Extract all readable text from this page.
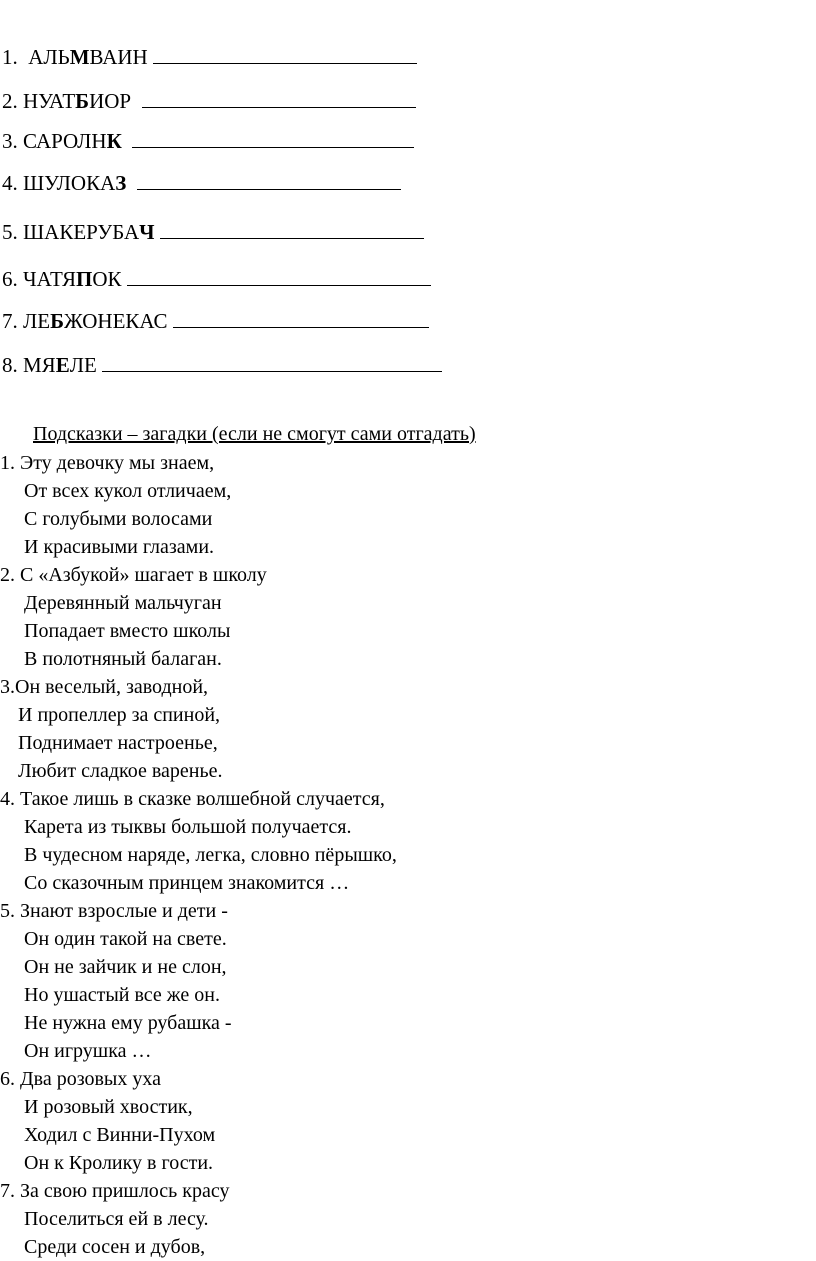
1. АЛЬМВАИН
2. НУАТБИОР
3. САРОЛНК
4. ШУЛОКАЗ
5. ШАКЕРУБАЧ
6. ЧАТЯПОК
7. ЛЕБЖОНЕКАС
8. МЯЕЛЕ
Подсказки – загадки (если не смогут сами отгадать)
1. Эту девочку мы знаем,
От всех кукол отличаем,
С голубыми волосами
И красивыми глазами.
2. С «Азбукой» шагает в школу
Деревянный мальчуган
Попадает вместо школы
В полотняный балаган.
3.Он веселый, заводной,
И пропеллер за спиной,
Поднимает настроенье,
Любит сладкое варенье.
4. Такое лишь в сказке волшебной случается,
Карета из тыквы большой получается.
В чудесном наряде, легка, словно пёрышко,
Со сказочным принцем знакомится …
5. Знают взрослые и дети -
Он один такой на свете.
Он не зайчик и не слон,
Но ушастый все же он.
Не нужна ему рубашка -
Он игрушка …
6. Два розовых уха
И розовый хвостик,
Ходил с Винни-Пухом
Он к Кролику в гости.
7. За свою пришлось красу
Поселиться ей в лесу.
Среди сосен и дубов,
